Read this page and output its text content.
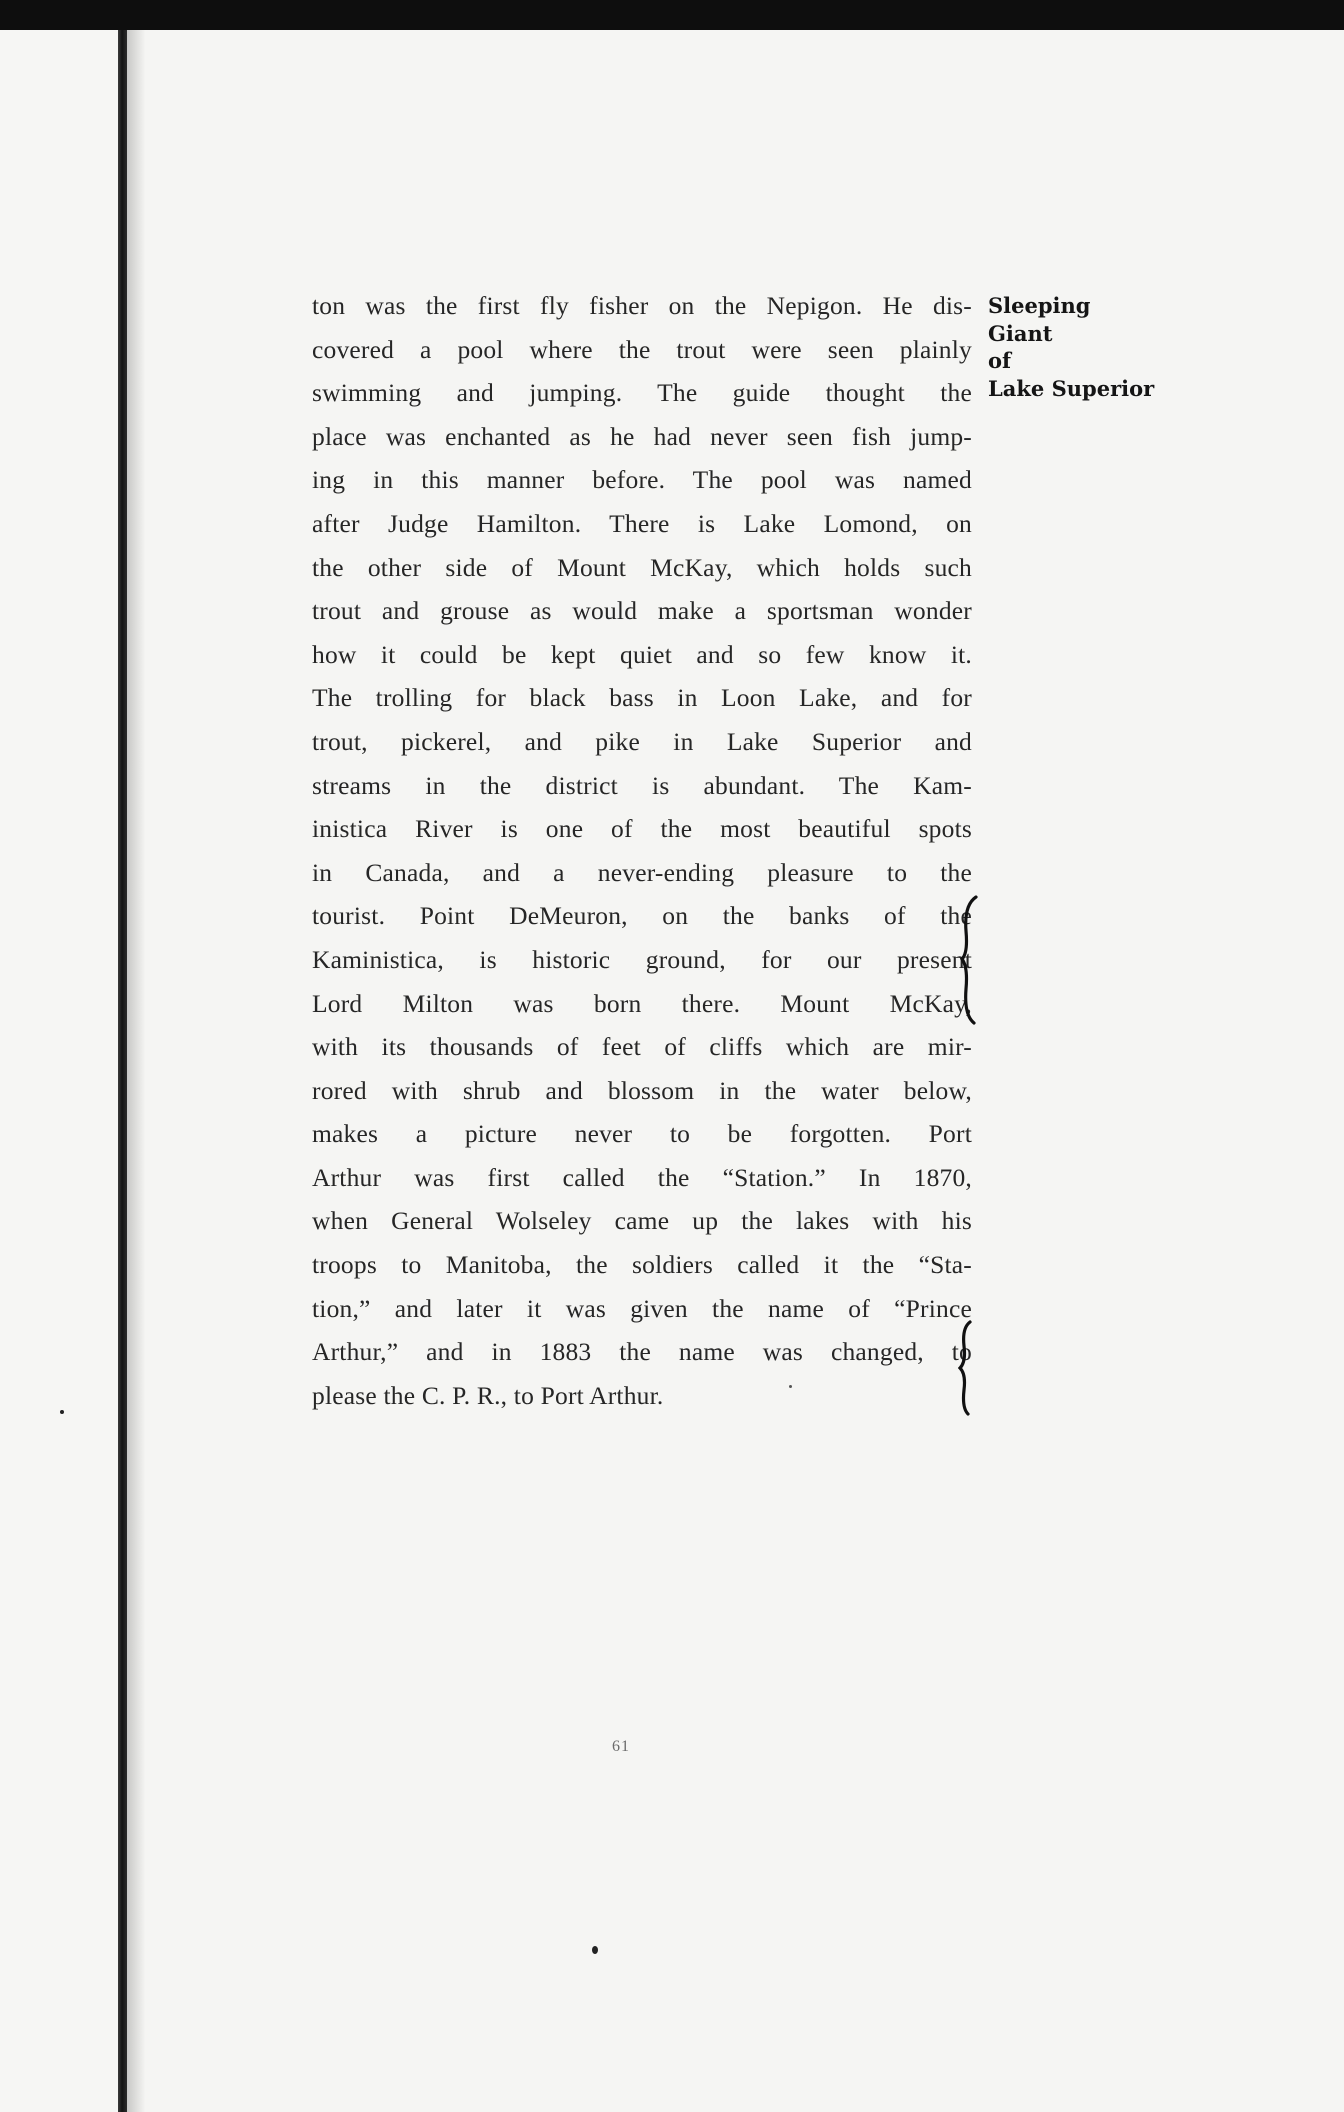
ton was the first fly fisher on the Nepigon. He dis-
covered a pool where the trout were seen plainly
swimming and jumping. The guide thought the
place was enchanted as he had never seen fish jump-
ing in this manner before. The pool was named
after Judge Hamilton. There is Lake Lomond, on
the other side of Mount McKay, which holds such
trout and grouse as would make a sportsman wonder
how it could be kept quiet and so few know it.
The trolling for black bass in Loon Lake, and for
trout, pickerel, and pike in Lake Superior and
streams in the district is abundant. The Kam-
inistica River is one of the most beautiful spots
in Canada, and a never-ending pleasure to the
tourist. Point DeMeuron, on the banks of the
Kaministica, is historic ground, for our present
Lord Milton was born there. Mount McKay,
with its thousands of feet of cliffs which are mir-
rored with shrub and blossom in the water below,
makes a picture never to be forgotten. Port
Arthur was first called the “Station.” In 1870,
when General Wolseley came up the lakes with his
troops to Manitoba, the soldiers called it the “Sta-
tion,” and later it was given the name of “Prince
Arthur,” and in 1883 the name was changed, to
please the C. P. R., to Port Arthur.
Sleeping
Giant
of
Lake Superior
61
